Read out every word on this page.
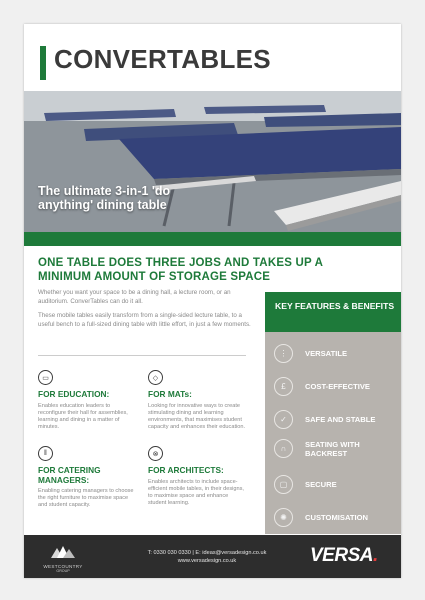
CONVERTABLES
The ultimate 3-in-1 'do anything' dining table
ONE TABLE DOES THREE JOBS AND TAKES UP A MINIMUM AMOUNT OF STORAGE SPACE

Whether you want your space to be a dining hall, a lecture room, or an auditorium. ConverTables can do it all.

These mobile tables easily transform from a single-sided lecture table, to a useful bench to a full-sized dining table with little effort, in just a few moments.

▭
FOR EDUCATION:

Enables education leaders to reconfigure their hall for assemblies, learning and dining in a matter of minutes.

◇
FOR MATs:

Looking for innovative ways to create stimulating dining and learning environments, that maximises student capacity and enhances their education.

ǁ
FOR CATERING MANAGERS:

Enabling catering managers to choose the right furniture to maximise space and student capacity.

⊗
FOR ARCHITECTS:

Enables architects to include space-efficient mobile tables, in their designs, to maximise space and enhance student learning.

KEY FEATURES & BENEFITS
⋮	VERSATILE
£	COST-EFFECTIVE
✓	SAFE AND STABLE
∩	SEATING WITH BACKREST
▢	SECURE
✺	CUSTOMISATION
WESTCOUNTRY
GROUP
T: 0330 030 0330 | E: ideas@versadesign.co.uk
www.versadesign.co.uk	VERSA.
